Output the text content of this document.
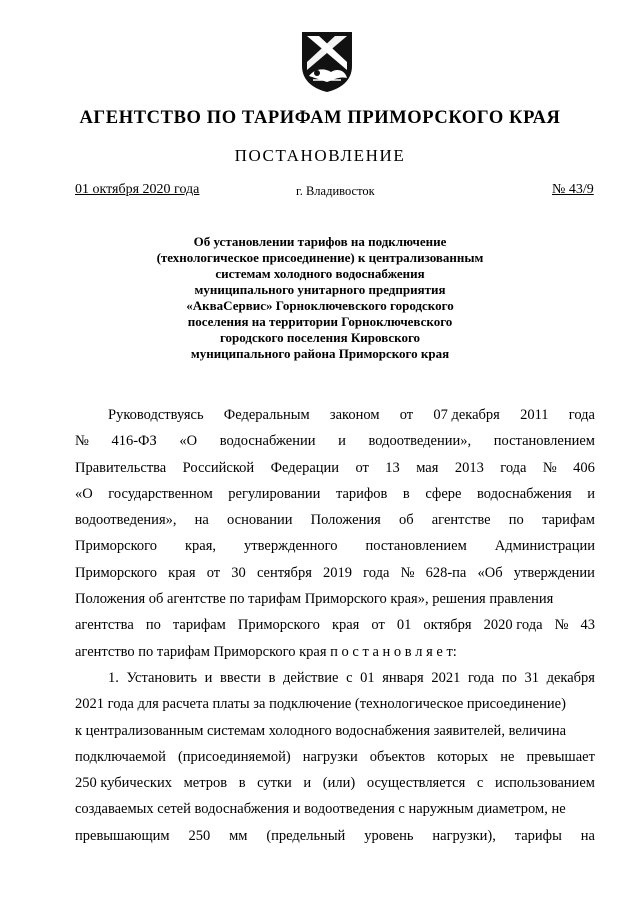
АГЕНТСТВО ПО ТАРИФАМ ПРИМОРСКОГО КРАЯ
ПОСТАНОВЛЕНИЕ
01 октября 2020 года	г. Владивосток	№ 43/9
Об установлении тарифов на подключение
(технологическое присоединение) к централизованным
системам холодного водоснабжения
муниципального унитарного предприятия
«АкваСервис» Горноключевского городского
поселения на территории Горноключевского
городского поселения Кировского
муниципального района Приморского края
Руководствуясь Федеральным законом от 07 декабря 2011 года
№ 416-ФЗ «О водоснабжении и водоотведении», постановлением
Правительства Российской Федерации от 13 мая 2013 года № 406
«О государственном регулировании тарифов в сфере водоснабжения и
водоотведения», на основании Положения об агентстве по тарифам
Приморского края, утвержденного постановлением Администрации
Приморского края от 30 сентября 2019 года № 628-па «Об утверждении
Положения об агентстве по тарифам Приморского края», решения правления
агентства по тарифам Приморского края от 01 октября 2020 года № 43
агентство по тарифам Приморского края п о с т а н о в л я е т:
1. Установить и ввести в действие с 01 января 2021 года по 31 декабря
2021 года для расчета платы за подключение (технологическое присоединение)
к централизованным системам холодного водоснабжения заявителей, величина
подключаемой (присоединяемой) нагрузки объектов которых не превышает
250 кубических метров в сутки и (или) осуществляется с использованием
создаваемых сетей водоснабжения и водоотведения с наружным диаметром, не
превышающим 250 мм (предельный уровень нагрузки), тарифы на
